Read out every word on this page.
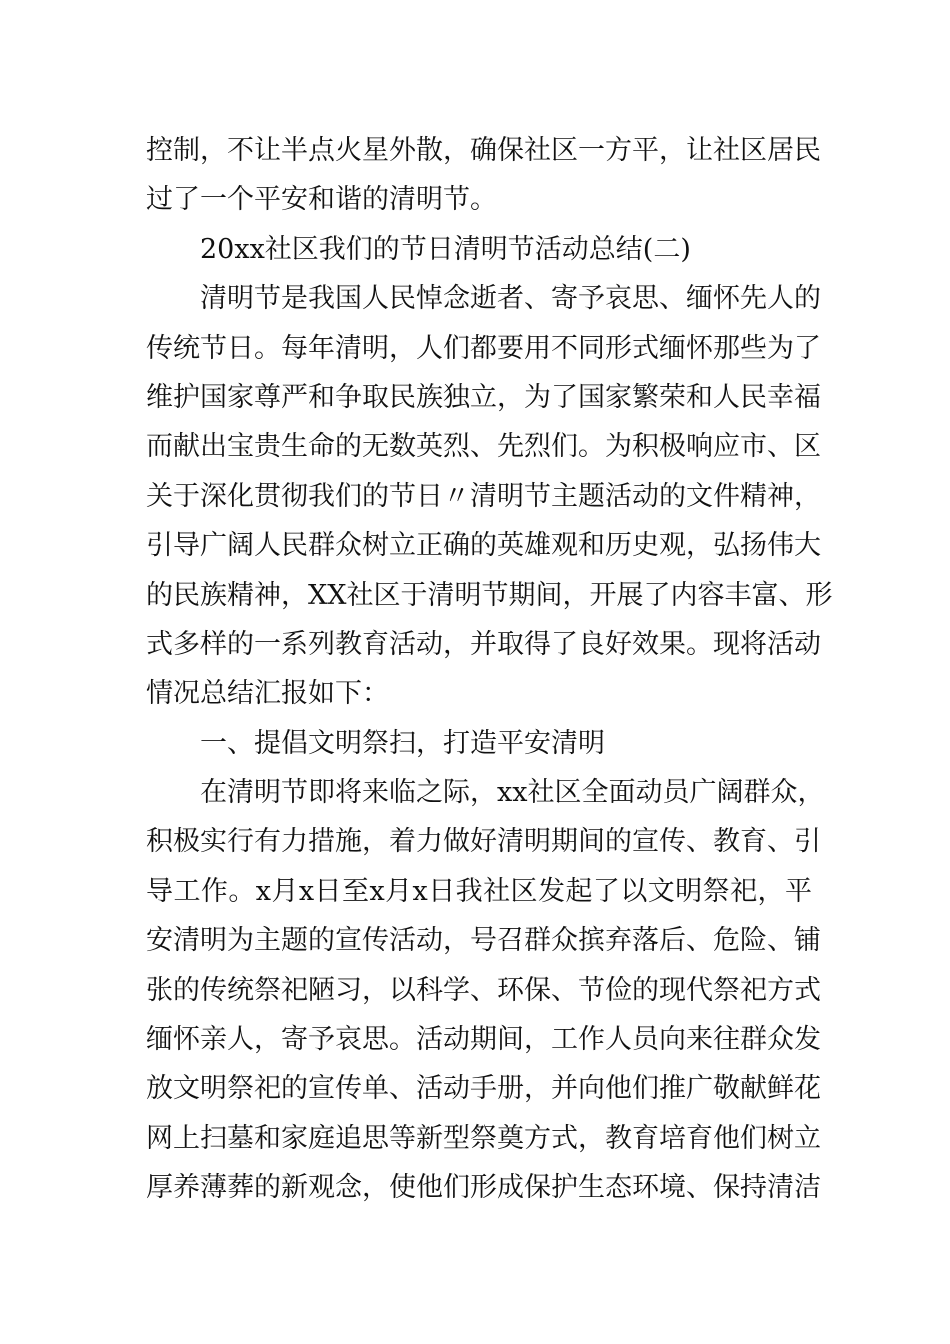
控制，不让半点火星外散，确保社区一方平，让社区居民
过了一个平安和谐的清明节。
20xx社区我们的节日清明节活动总结(二)
清明节是我国人民悼念逝者、寄予哀思、缅怀先人的
传统节日。每年清明，人们都要用不同形式缅怀那些为了
维护国家尊严和争取民族独立，为了国家繁荣和人民幸福
而献出宝贵生命的无数英烈、先烈们。为积极响应市、区
关于深化贯彻我们的节日〃清明节主题活动的文件精神，
引导广阔人民群众树立正确的英雄观和历史观，弘扬伟大
的民族精神，XX社区于清明节期间，开展了内容丰富、形
式多样的一系列教育活动，并取得了良好效果。现将活动
情况总结汇报如下：
一、提倡文明祭扫，打造平安清明
在清明节即将来临之际，xx社区全面动员广阔群众，
积极实行有力措施，着力做好清明期间的宣传、教育、引
导工作。x月x日至x月x日我社区发起了以文明祭祀，平
安清明为主题的宣传活动，号召群众摈弃落后、危险、铺
张的传统祭祀陋习，以科学、环保、节俭的现代祭祀方式
缅怀亲人，寄予哀思。活动期间，工作人员向来往群众发
放文明祭祀的宣传单、活动手册，并向他们推广敬献鲜花
网上扫墓和家庭追思等新型祭奠方式，教育培育他们树立
厚养薄葬的新观念，使他们形成保护生态环境、保持清洁
